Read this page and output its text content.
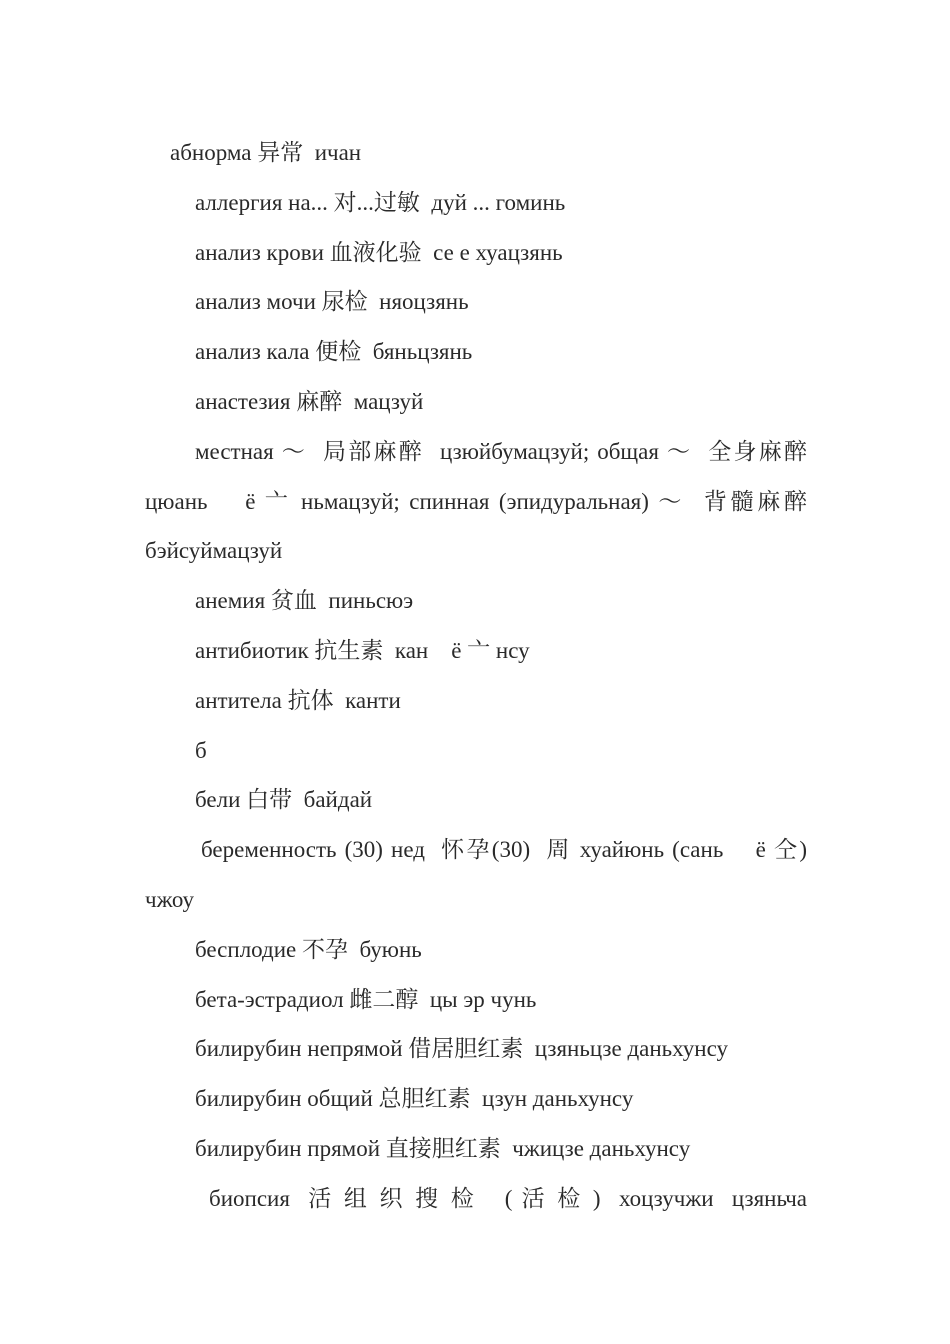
абнорма 异常  ичан

аллергия на... 对...过敏  дуй ... гоминь

анализ крови 血液化验  се е хуацзянь

анализ мочи 尿检  няоцзянь

анализ кала 便检  бяньцзянь

анастезия 麻醉  мацзуй

местная ～  局部麻醉  цзюйбумацзуй; общая ～  全身麻醉  цюань    ё 亠 ньмацзуй; спинная (эпидуральная) ～  背髓麻醉  бэйсуймацзуй

анемия 贫血  пиньсюэ

антибиотик 抗生素  кан    ё 亠 нсу

антитела 抗体  канти

б

бели 白带  байдай

беременность (30) нед  怀孕(30)  周 хуайюнь (сань    ё 仝) чжоу

бесплодие 不孕  буюнь

бета-эстрадиол 雌二醇  цы эр чунь

билирубин непрямой 借居胆红素  цзяньцзе даньхунсу

билирубин общий 总胆红素  цзун даньхунсу

билирубин прямой 直接胆红素  чжицзе даньхунсу

биопсия  活 组 织 搜 检   ( 活 检 )  хоцзучжи  цзяньча
